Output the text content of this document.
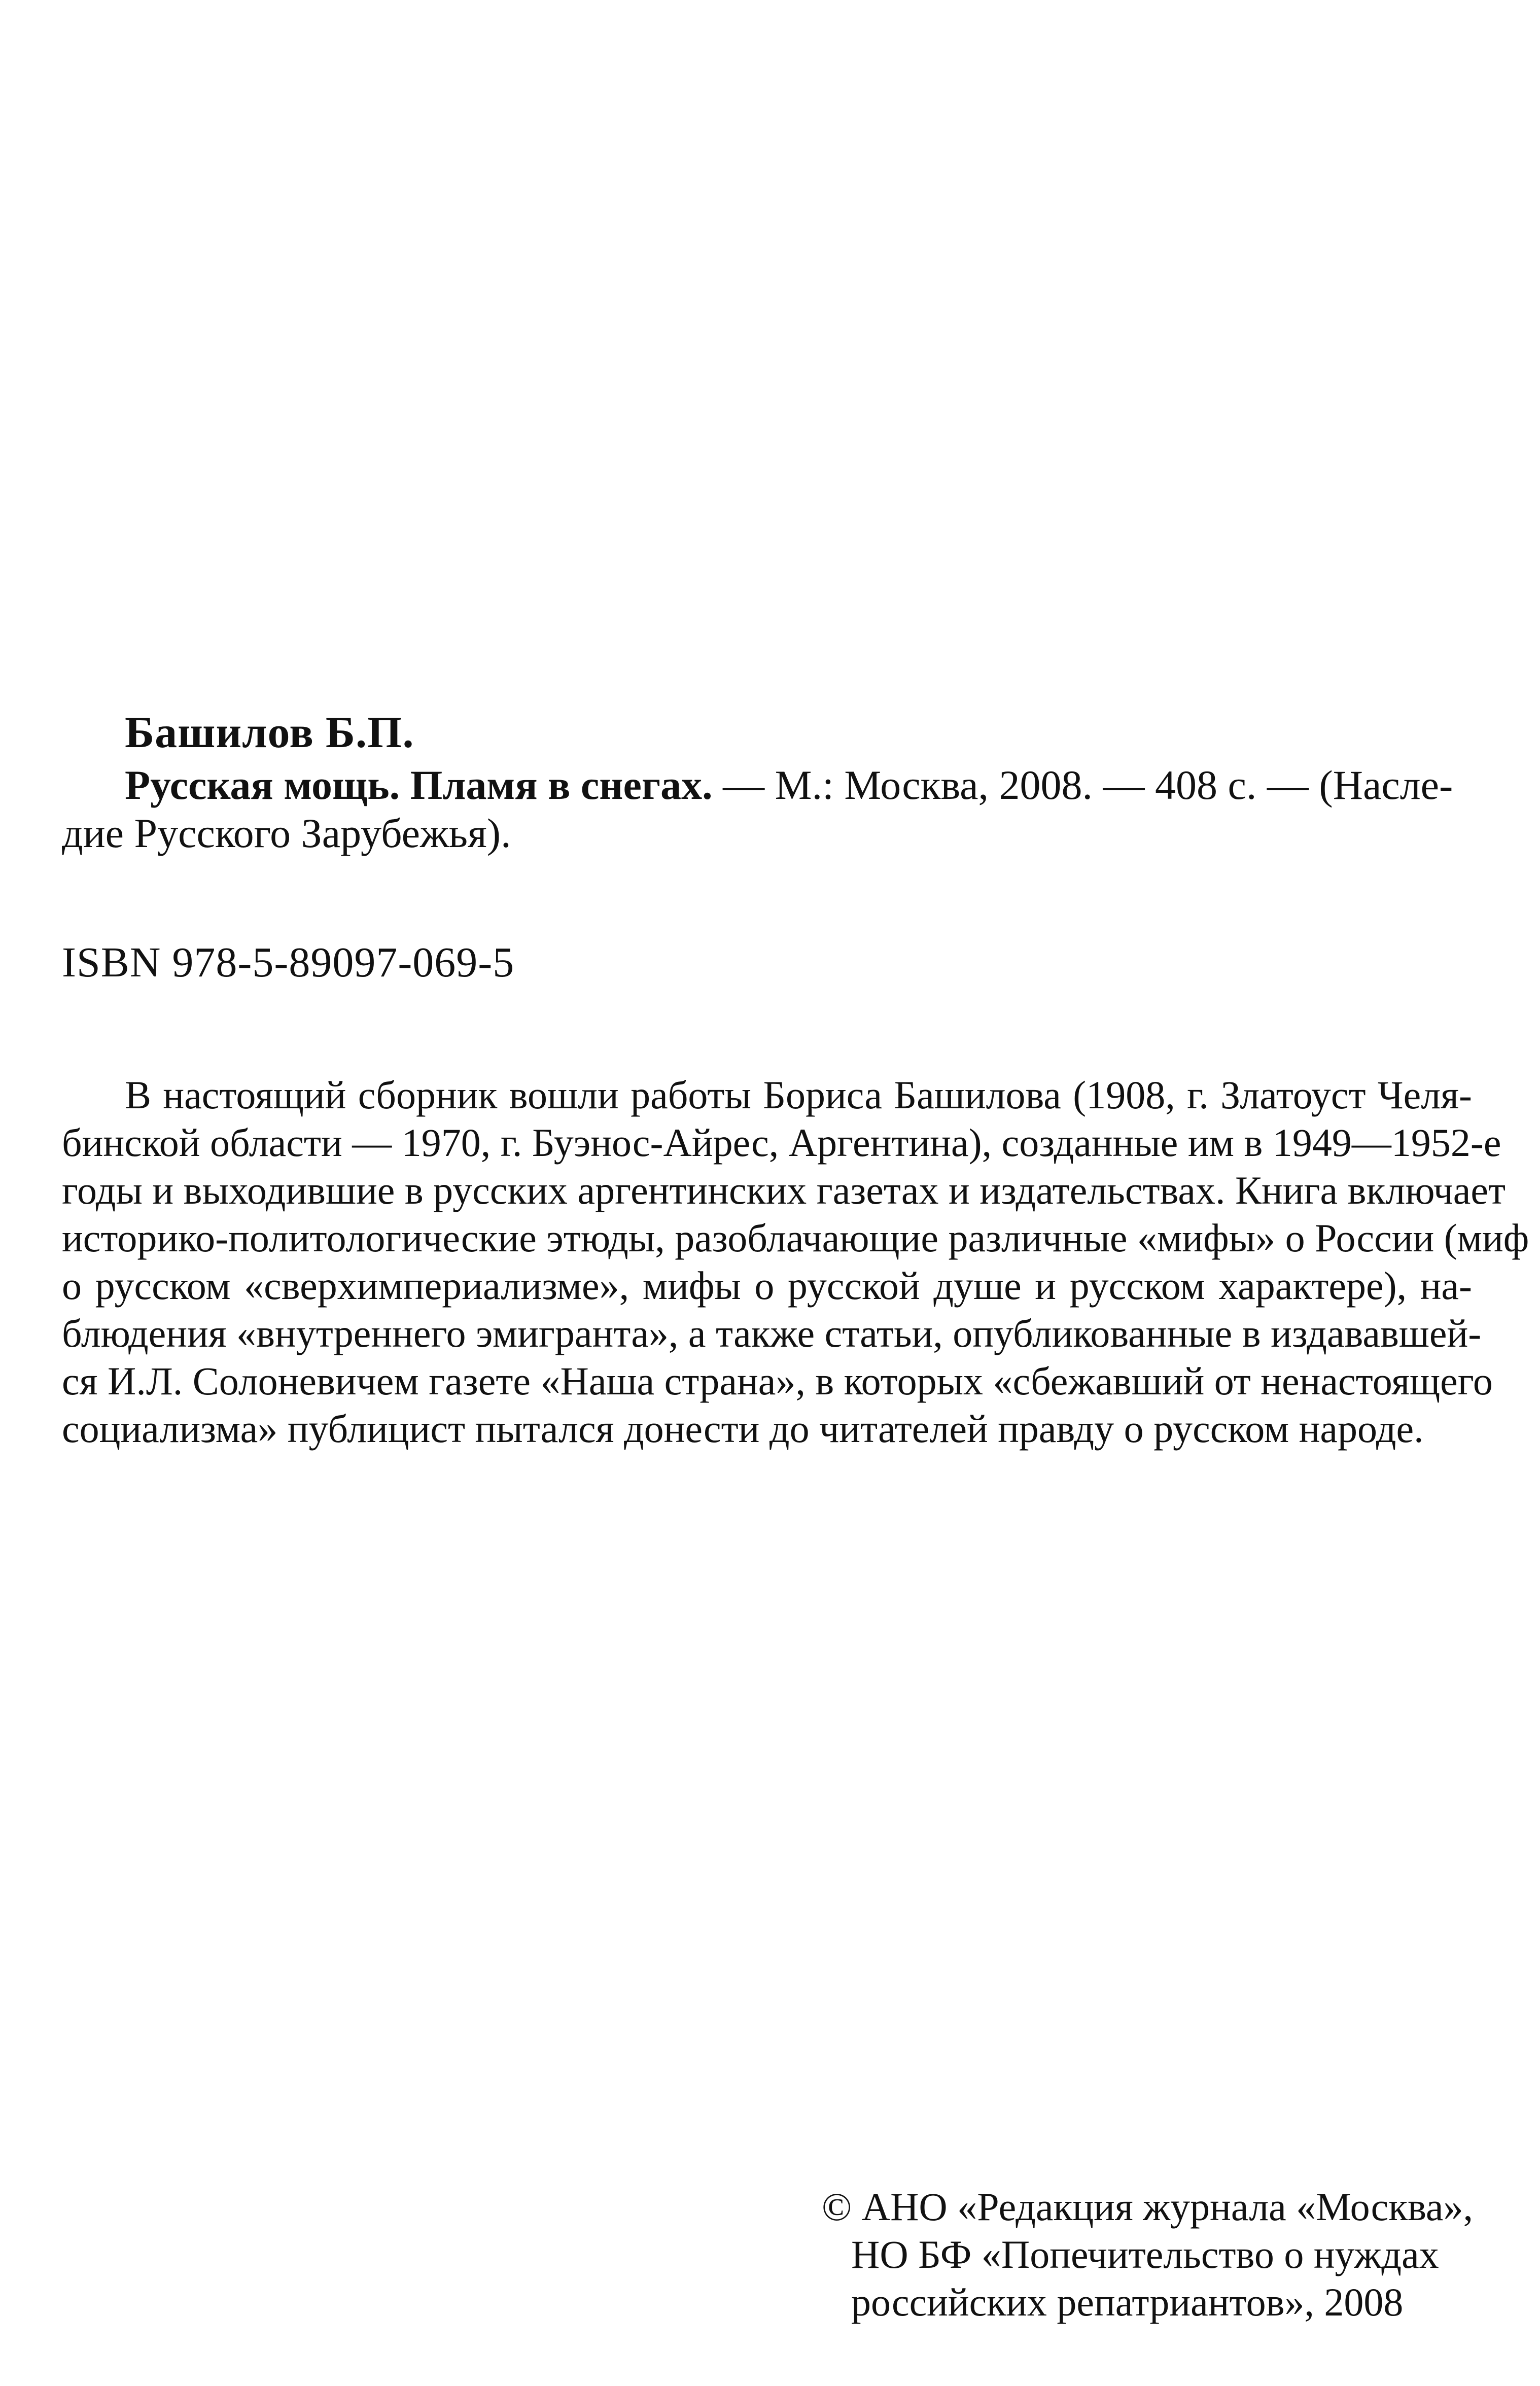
Башилов Б.П.
Русская мощь. Пламя в снегах. — М.: Москва, 2008. — 408 с. — (Насле-
дие Русского Зарубежья).
ISBN 978-5-89097-069-5
В настоящий сборник вошли работы Бориса Башилова (1908, г. Златоуст Челя-
бинской области — 1970, г. Буэнос-Айрес, Аргентина), созданные им в 1949—1952-е
годы и выходившие в русских аргентинских газетах и издательствах. Книга включает
историко-политологические этюды, разоблачающие различные «мифы» о России (миф
о русском «сверхимпериализме», мифы о русской душе и русском характере), на-
блюдения «внутреннего эмигранта», а также статьи, опубликованные в издававшей-
ся И.Л. Солоневичем газете «Наша страна», в которых «сбежавший от ненастоящего
социализма» публицист пытался донести до читателей правду о русском народе.
© АНО «Редакция журнала «Москва»,
НО БФ «Попечительство о нуждах
российских репатриантов», 2008
